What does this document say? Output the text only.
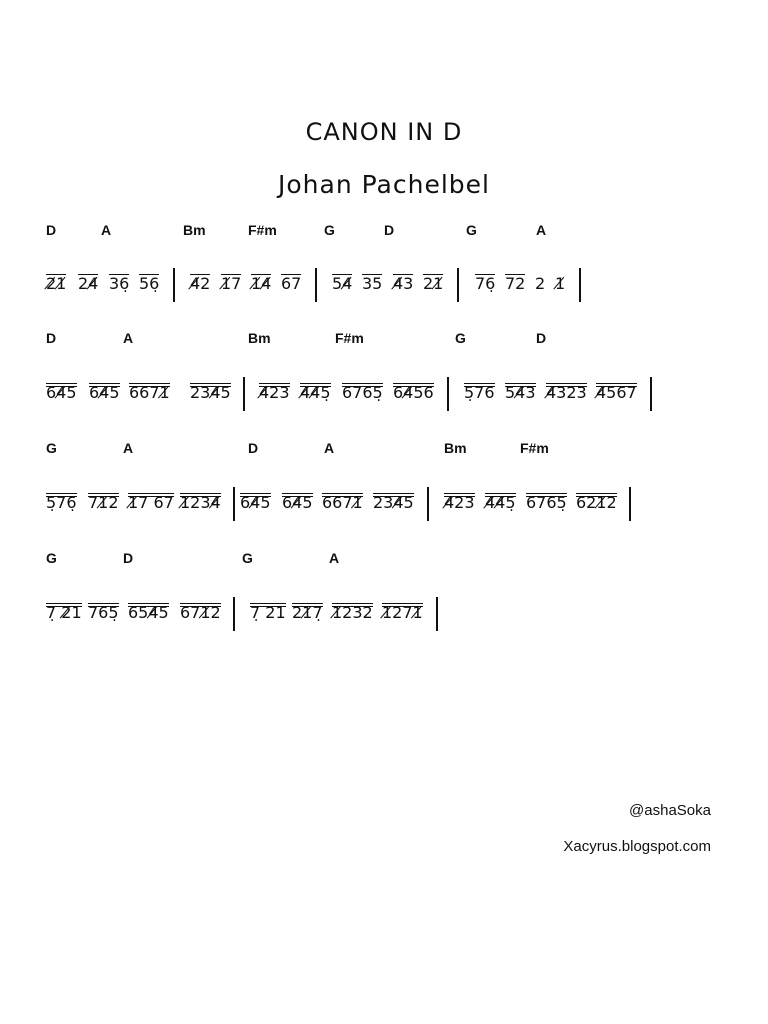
CANON IN D
Johan Pachelbel
D	A	Bm	F#m	G	D	G	A
2̸1̸ 24̸ 36̣ 56̣ 4̸2 1̸7 1̸4̸ 67 54̸ 35 4̸3 21̸ 76̣ 72 2 1̸
D	A	Bm	F#m	G	D
64̸5 64̸5 6671̸ 234̸5 4̸23 4̸4̸5̣ 6765̣ 64̸56 5̣76 54̸3 4̸323 4̸567
G	A	D	A	Bm	F#m
5̣76̣ 71̸2 1̸7 67 1̸234̸ 64̸5 64̸5 6671̸ 234̸5 4̸23 4̸4̸5̣ 6765̣ 621̸2
G	D	G	A
7̣ 2̸1 765̣ 654̸5 671̸2 7̣ 21 21̸7̣ 1̸232 1̸271̸
@ashaSoka
Xacyrus.blogspot.com
